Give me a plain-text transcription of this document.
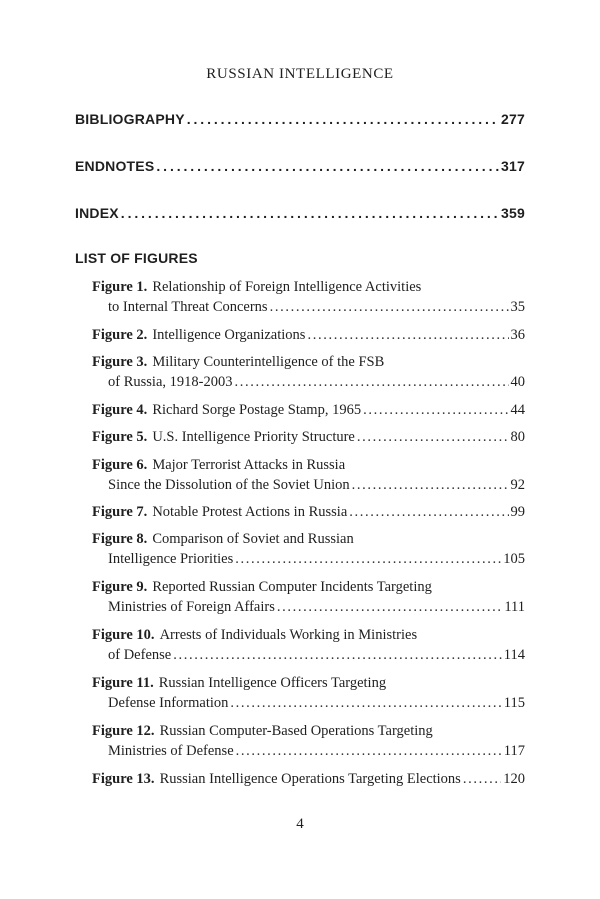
RUSSIAN INTELLIGENCE
BIBLIOGRAPHY . . .	277
ENDNOTES . . .	317
INDEX . . .	359
LIST OF FIGURES
Figure 1. Relationship of Foreign Intelligence Activities
to Internal Threat Concerns . . .	35
Figure 2. Intelligence Organizations . . .	36
Figure 3. Military Counterintelligence of the FSB
of Russia, 1918-2003 . . .	40
Figure 4. Richard Sorge Postage Stamp, 1965 . . .	44
Figure 5. U.S. Intelligence Priority Structure . . .	80
Figure 6. Major Terrorist Attacks in Russia
Since the Dissolution of the Soviet Union . . .	92
Figure 7. Notable Protest Actions in Russia . . .	99
Figure 8. Comparison of Soviet and Russian
Intelligence Priorities . . .	105
Figure 9. Reported Russian Computer Incidents Targeting
Ministries of Foreign Affairs . . .	111
Figure 10. Arrests of Individuals Working in Ministries
of Defense . . .	114
Figure 11. Russian Intelligence Officers Targeting
Defense Information . . .	115
Figure 12. Russian Computer-Based Operations Targeting
Ministries of Defense . . .	117
Figure 13. Russian Intelligence Operations Targeting Elections . . .	120
4
